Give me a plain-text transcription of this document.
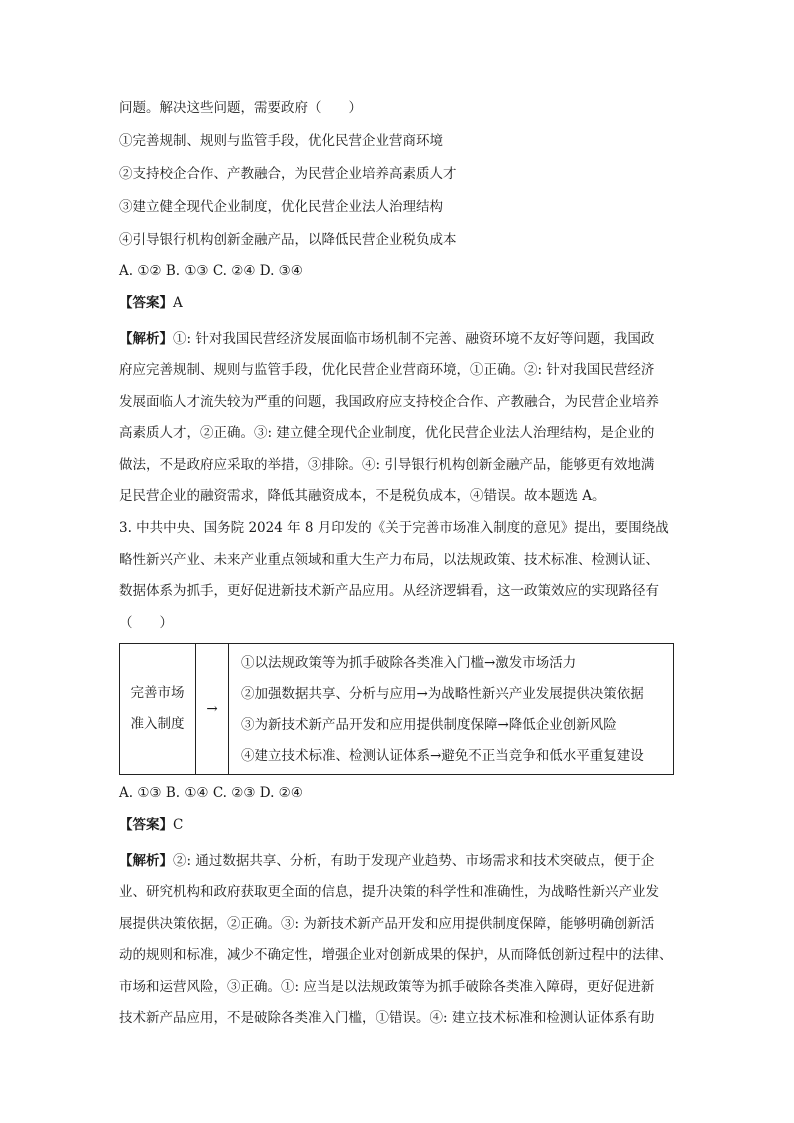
问题。解决这些问题，需要政府（　　）
①完善规制、规则与监管手段，优化民营企业营商环境
②支持校企合作、产教融合，为民营企业培养高素质人才
③建立健全现代企业制度，优化民营企业法人治理结构
④引导银行机构创新金融产品，以降低民营企业税负成本
A. ①② B. ①③ C. ②④ D. ③④
【答案】A

【解析】①: 针对我国民营经济发展面临市场机制不完善、融资环境不友好等问题，我国政

府应完善规制、规则与监管手段，优化民营企业营商环境，①正确。②: 针对我国民营经济

发展面临人才流失较为严重的问题，我国政府应支持校企合作、产教融合，为民营企业培养

高素质人才，②正确。③: 建立健全现代企业制度，优化民营企业法人治理结构，是企业的

做法，不是政府应采取的举措，③排除。④: 引导银行机构创新金融产品，能够更有效地满

足民营企业的融资需求，降低其融资成本，不是税负成本，④错误。故本题选 A。

3. 中共中央、国务院 2024 年 8 月印发的《关于完善市场准入制度的意见》提出，要围绕战

略性新兴产业、未来产业重点领域和重大生产力布局，以法规政策、技术标准、检测认证、

数据体系为抓手，更好促进新技术新产品应用。从经济逻辑看，这一政策效应的实现路径有

（　　）

完善市场
准入制度
	→	
①以法规政策等为抓手破除各类准入门槛→激发市场活力
②加强数据共享、分析与应用→为战略性新兴产业发展提供决策依据
③为新技术新产品开发和应用提供制度保障→降低企业创新风险
④建立技术标准、检测认证体系→避免不正当竞争和低水平重复建设
A. ①③ B. ①④ C. ②③ D. ②④
【答案】C

【解析】②: 通过数据共享、分析，有助于发现产业趋势、市场需求和技术突破点，便于企

业、研究机构和政府获取更全面的信息，提升决策的科学性和准确性，为战略性新兴产业发

展提供决策依据，②正确。③: 为新技术新产品开发和应用提供制度保障，能够明确创新活

动的规则和标准，减少不确定性，增强企业对创新成果的保护，从而降低创新过程中的法律、

市场和运营风险，③正确。①: 应当是以法规政策等为抓手破除各类准入障碍，更好促进新

技术新产品应用，不是破除各类准入门槛，①错误。④: 建立技术标准和检测认证体系有助
